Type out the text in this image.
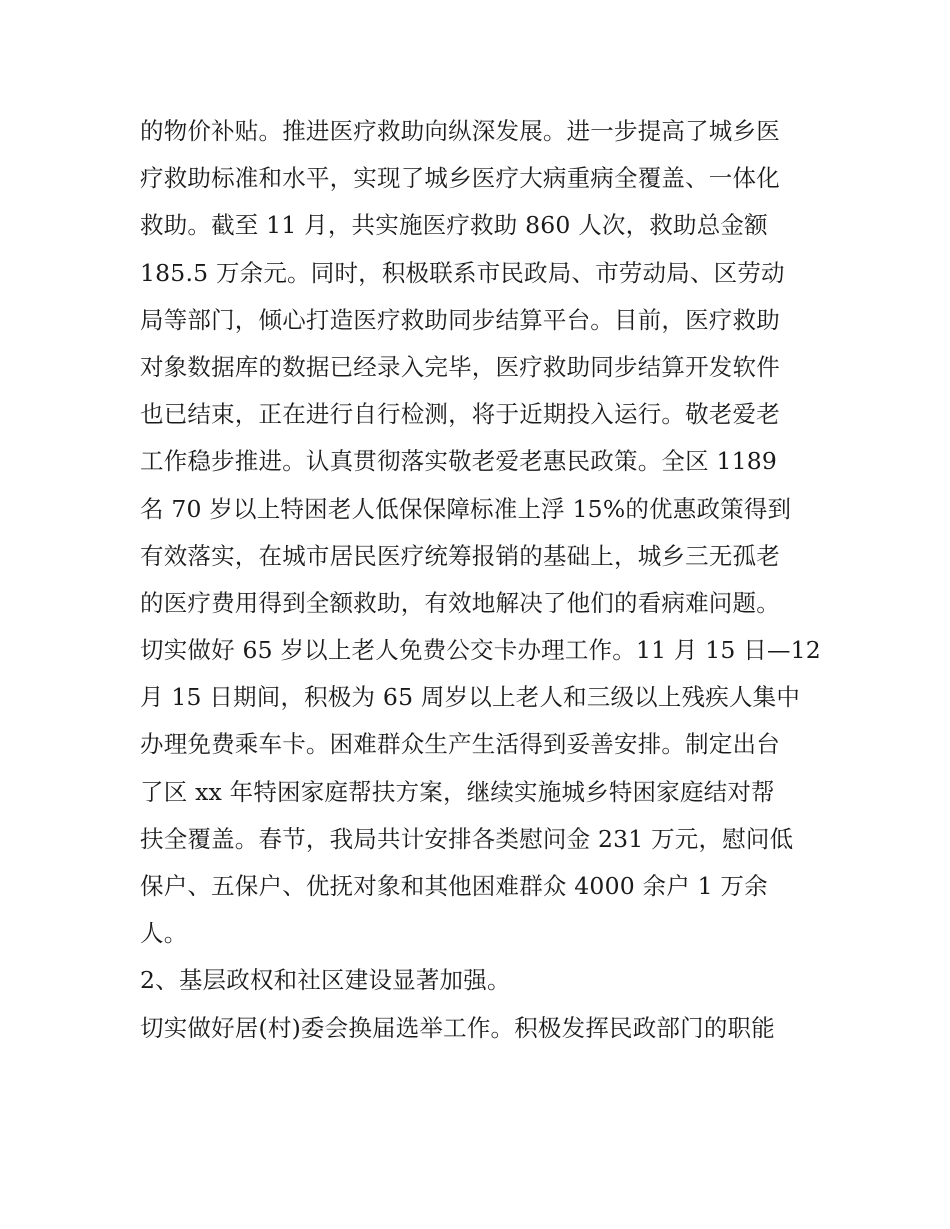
的物价补贴。推进医疗救助向纵深发展。进一步提高了城乡医
疗救助标准和水平，实现了城乡医疗大病重病全覆盖、一体化
救助。截至 11 月，共实施医疗救助 860 人次，救助总金额
185.5 万余元。同时，积极联系市民政局、市劳动局、区劳动
局等部门，倾心打造医疗救助同步结算平台。目前，医疗救助
对象数据库的数据已经录入完毕，医疗救助同步结算开发软件
也已结束，正在进行自行检测，将于近期投入运行。敬老爱老
工作稳步推进。认真贯彻落实敬老爱老惠民政策。全区 1189
名 70 岁以上特困老人低保保障标准上浮 15%的优惠政策得到
有效落实，在城市居民医疗统筹报销的基础上，城乡三无孤老
的医疗费用得到全额救助，有效地解决了他们的看病难问题。
切实做好 65 岁以上老人免费公交卡办理工作。11 月 15 日—12
月 15 日期间，积极为 65 周岁以上老人和三级以上残疾人集中
办理免费乘车卡。困难群众生产生活得到妥善安排。制定出台
了区 xx 年特困家庭帮扶方案，继续实施城乡特困家庭结对帮
扶全覆盖。春节，我局共计安排各类慰问金 231 万元，慰问低
保户、五保户、优抚对象和其他困难群众 4000 余户 1 万余
人。
2、基层政权和社区建设显著加强。
切实做好居(村)委会换届选举工作。积极发挥民政部门的职能
